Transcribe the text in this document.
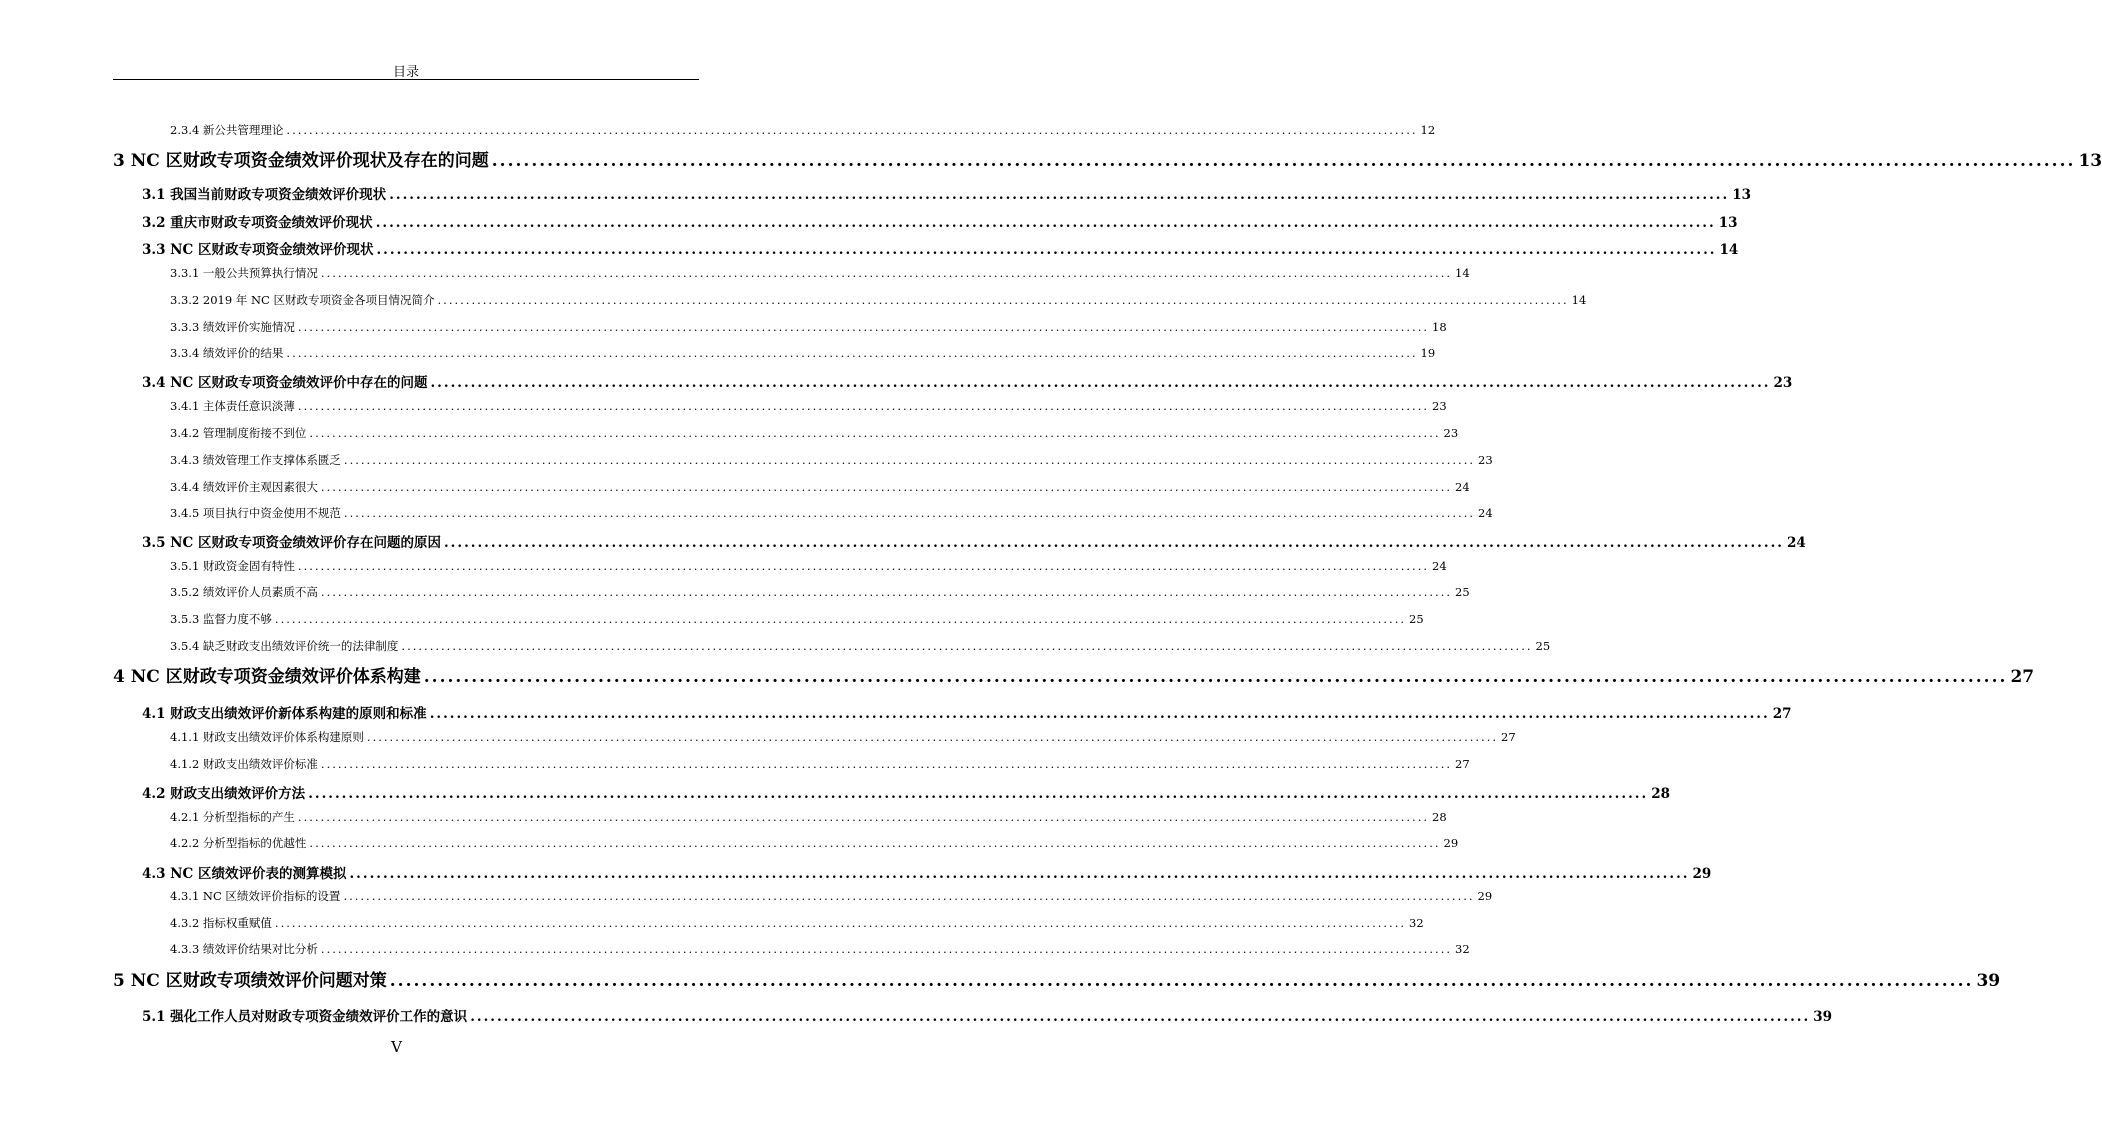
目录
2.3.4 新公共管理理论 ........................................................................................................................................................................................................ 12
3 NC 区财政专项资金绩效评价现状及存在的问题 ........................................................................................................................................................................................................ 13
3.1 我国当前财政专项资金绩效评价现状 ........................................................................................................................................................................................................ 13
3.2 重庆市财政专项资金绩效评价现状 ........................................................................................................................................................................................................ 13
3.3 NC 区财政专项资金绩效评价现状 ........................................................................................................................................................................................................ 14
3.3.1 一般公共预算执行情况 ........................................................................................................................................................................................................ 14
3.3.2 2019 年 NC 区财政专项资金各项目情况简介 ........................................................................................................................................................................................................ 14
3.3.3 绩效评价实施情况 ........................................................................................................................................................................................................ 18
3.3.4 绩效评价的结果 ........................................................................................................................................................................................................ 19
3.4 NC 区财政专项资金绩效评价中存在的问题 ........................................................................................................................................................................................................ 23
3.4.1 主体责任意识淡薄 ........................................................................................................................................................................................................ 23
3.4.2 管理制度衔接不到位 ........................................................................................................................................................................................................ 23
3.4.3 绩效管理工作支撑体系匮乏 ........................................................................................................................................................................................................ 23
3.4.4 绩效评价主观因素很大 ........................................................................................................................................................................................................ 24
3.4.5 项目执行中资金使用不规范 ........................................................................................................................................................................................................ 24
3.5 NC 区财政专项资金绩效评价存在问题的原因 ........................................................................................................................................................................................................ 24
3.5.1 财政资金固有特性 ........................................................................................................................................................................................................ 24
3.5.2 绩效评价人员素质不高 ........................................................................................................................................................................................................ 25
3.5.3 监督力度不够 ........................................................................................................................................................................................................ 25
3.5.4 缺乏财政支出绩效评价统一的法律制度 ........................................................................................................................................................................................................ 25
4 NC 区财政专项资金绩效评价体系构建 ........................................................................................................................................................................................................ 27
4.1 财政支出绩效评价新体系构建的原则和标准 ........................................................................................................................................................................................................ 27
4.1.1 财政支出绩效评价体系构建原则 ........................................................................................................................................................................................................ 27
4.1.2 财政支出绩效评价标准 ........................................................................................................................................................................................................ 27
4.2 财政支出绩效评价方法 ........................................................................................................................................................................................................ 28
4.2.1 分析型指标的产生 ........................................................................................................................................................................................................ 28
4.2.2 分析型指标的优越性 ........................................................................................................................................................................................................ 29
4.3 NC 区绩效评价表的测算模拟 ........................................................................................................................................................................................................ 29
4.3.1 NC 区绩效评价指标的设置 ........................................................................................................................................................................................................ 29
4.3.2 指标权重赋值 ........................................................................................................................................................................................................ 32
4.3.3 绩效评价结果对比分析 ........................................................................................................................................................................................................ 32
5 NC 区财政专项绩效评价问题对策 ........................................................................................................................................................................................................ 39
5.1 强化工作人员对财政专项资金绩效评价工作的意识 ........................................................................................................................................................................................................ 39
V
